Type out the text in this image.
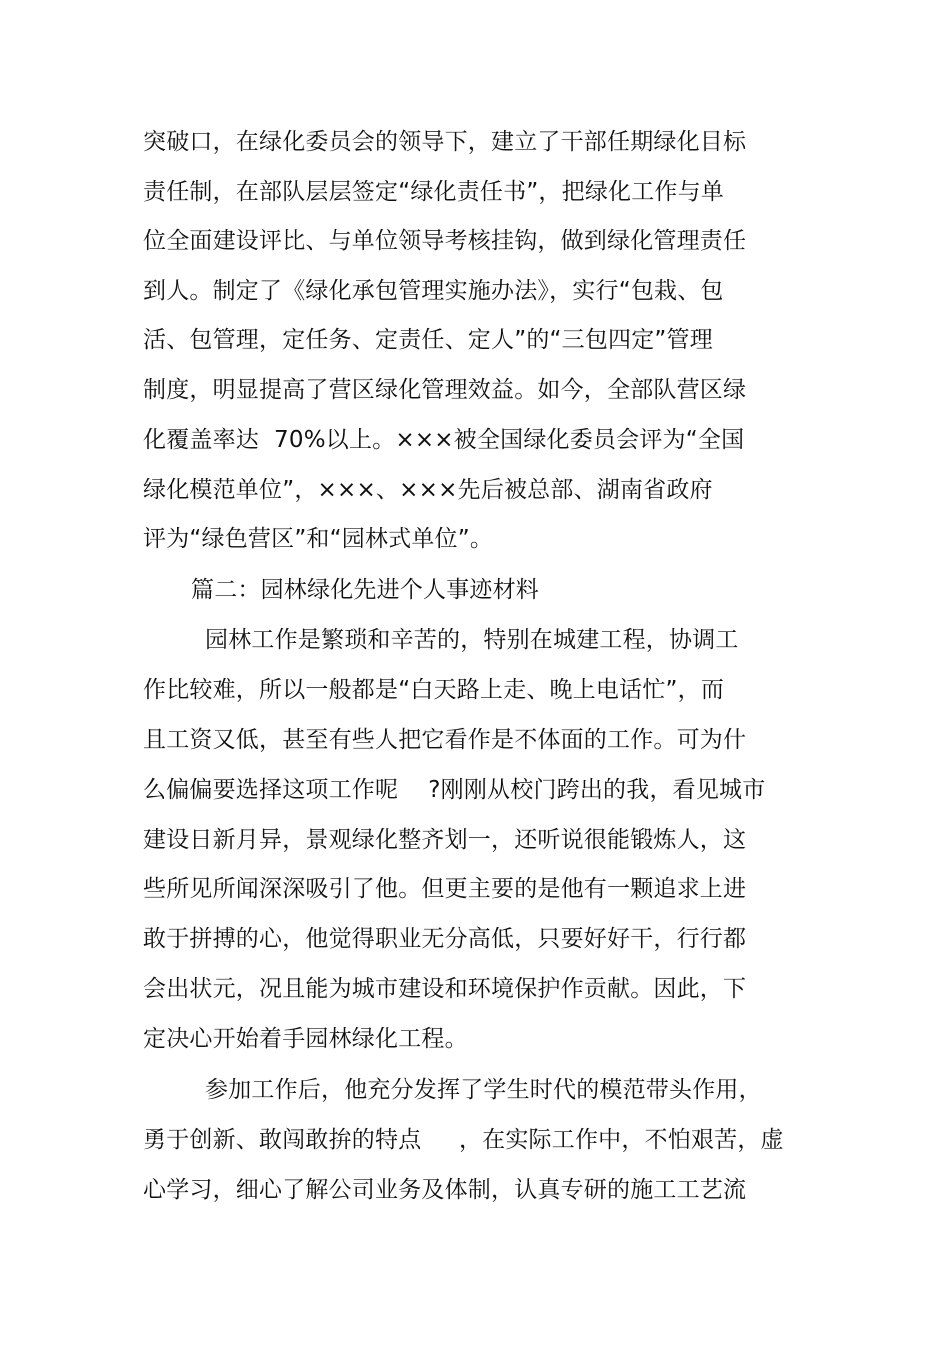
突破口，在绿化委员会的领导下，建立了干部任期绿化目标
责任制，在部队层层签定“绿化责任书”，把绿化工作与单
位全面建设评比、与单位领导考核挂钩，做到绿化管理责任
到人。制定了《绿化承包管理实施办法》，实行“包栽、包
活、包管理，定任务、定责任、定人”的“三包四定”管理
制度，明显提高了营区绿化管理效益。如今，全部队营区绿
化覆盖率达  70%以上。×××被全国绿化委员会评为“全国
绿化模范单位”，×××、×××先后被总部、湖南省政府
评为“绿色营区”和“园林式单位”。
篇二：园林绿化先进个人事迹材料
园林工作是繁琐和辛苦的，特别在城建工程，协调工
作比较难，所以一般都是“白天路上走、晚上电话忙”，而
且工资又低，甚至有些人把它看作是不体面的工作。可为什
么偏偏要选择这项工作呢    ?刚刚从校门跨出的我，看见城市
建设日新月异，景观绿化整齐划一，还听说很能锻炼人，这
些所见所闻深深吸引了他。但更主要的是他有一颗追求上进
敢于拼搏的心，他觉得职业无分高低，只要好好干，行行都
会出状元，况且能为城市建设和环境保护作贡献。因此，下
定决心开始着手园林绿化工程。
参加工作后，他充分发挥了学生时代的模范带头作用，
勇于创新、敢闯敢拚的特点     ，在实际工作中，不怕艰苦，虚
心学习，细心了解公司业务及体制，认真专研的施工工艺流
